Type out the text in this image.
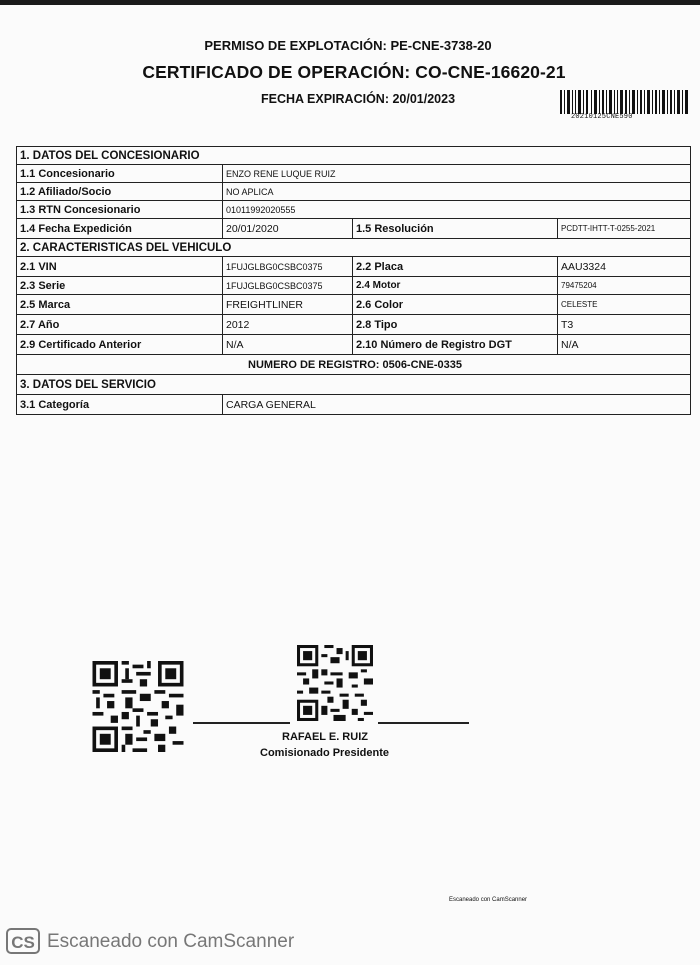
PERMISO DE EXPLOTACIÓN: PE-CNE-3738-20
CERTIFICADO DE OPERACIÓN: CO-CNE-16620-21
FECHA EXPIRACIÓN: 20/01/2023
20210125CNE590
1. DATOS DEL CONCESIONARIO			
1.1 Concesionario	ENZO RENE LUQUE RUIZ		
1.2 Afiliado/Socio	NO APLICA		
1.3 RTN Concesionario	01011992020555		
1.4 Fecha Expedición	20/01/2020	1.5 Resolución	PCDTT-IHTT-T-0255-2021
2. CARACTERISTICAS DEL VEHICULO			
2.1 VIN	1FUJGLBG0CSBC0375	2.2 Placa	AAU3324
2.3 Serie	1FUJGLBG0CSBC0375	2.4 Motor	79475204
2.5 Marca	FREIGHTLINER	2.6 Color	CELESTE
2.7 Año	2012	2.8 Tipo	T3
2.9 Certificado Anterior	N/A	2.10 Número de Registro DGT	N/A
NUMERO DE REGISTRO: 0506-CNE-0335			
3. DATOS DEL SERVICIO			
3.1 Categoría	CARGA GENERAL		
RAFAEL E. RUIZ
Comisionado Presidente
Escaneado con CamScanner
CS Escaneado con CamScanner
